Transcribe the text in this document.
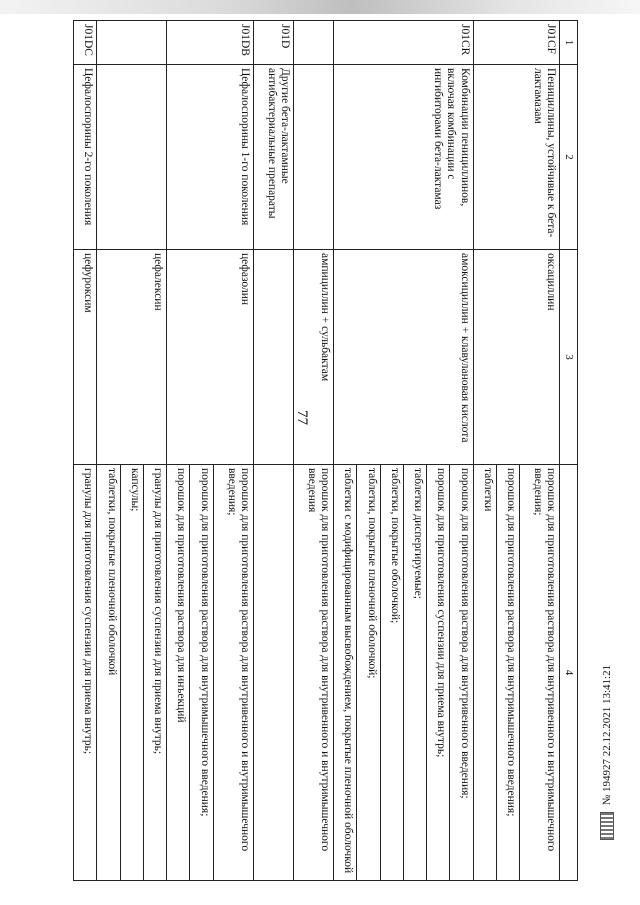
77
1	2	3	4
J01CF	Пенициллины, устойчивые к бета-лактамазам	оксациллин	порошок для приготовления раствора для внутривенного и внутримышечного введения;
			порошок для приготовления раствора для внутримышечного введения;
			таблетки
J01CR	Комбинации пенициллинов, включая комбинации с ингибиторами бета-лактамаз	амоксициллин + клавулановая кислота	порошок для приготовления раствора для внутривенного введения;
			порошок для приготовления суспензии для приема внутрь;
			таблетки диспергируемые;
			таблетки, покрытые оболочкой;
			таблетки, покрытые пленочной оболочкой;
			таблетки с модифицированным высвобождением, покрытые пленочной оболочкой
		ампициллин + сульбактам	порошок для приготовления раствора для внутривенного и внутримышечного введения
J01D	Другие бета-лактамные антибактериальные препараты		
J01DB	Цефалоспорины 1-го поколения	цефазолин	порошок для приготовления раствора для внутривенного и внутримышечного введения;
			порошок для приготовления раствора для внутримышечного введения;
			порошок для приготовления раствора для инъекций
		цефалексин	гранулы для приготовления суспензии для приема внутрь;
			капсулы;
			таблетки, покрытые пленочной оболочкой
J01DC	Цефалоспорины 2-го поколения	цефуроксим	гранулы для приготовления суспензии для приема внутрь;	№ 194927 22.12.2021 13:41:21
